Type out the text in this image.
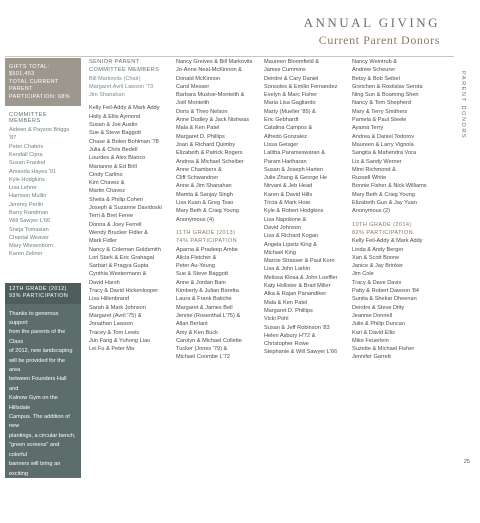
ANNUAL GIVING
Current Parent Donors
PARENT DONORS
GIFTS TOTAL: $501,453
TOTAL CURRENT PARENT
PARTICIPATION: 68%
COMMITTEE MEMBERS
Aideen & Payson Briggs '87
Peter Chabris
Kendall Cipra
Susan Frankel
Amanda Hayes '91
Kyle Hodgkins
Lisa Lehrer
Harrison Mullin
Jeremy Perlin
Barry Randman
Will Sawyer L'66
Sneja Tomasian
Chantal Weaver
Mary Wiesenborn
Karen Zeliner
12TH GRADE (2012)
93% PARTICIPATION
Thanks to generous support
from the parents of the Class
of 2012, new landscaping
will be provided for the area
between Founders Hall and
Kalnow Gym on the Hillsdale
Campus. The addition of new
plantings, a circular bench,
"green screens" and colorful
banners will bring an exciting
and fresh look and feel to this
important part of the campus.
SENIOR PARENT
COMMITTEE MEMBERS
Bill Markovits (Chair)
Margaret Avril Lawson '73
Jim Shanahan
Kelly Feil-Addy & Mark Addy
Holly & Ellis Aymond
Susan & Joe Austin
Sue & Steve Baggott
Chase & Bolen Bohlman '78
Julia & Chris Bedell
Lourdes & Alex Blanco
Marianne & Ed Brill
Cindy Carlino
Kim Chavez &
Martin Chavez
Sheila & Philip Cohen
Joseph & Suzanne Davidoski
Terri & Bret Feree
Donna & Joey Ferrell
Wendy Brucker Fidler &
Mark Fidler
Nancy & Coleman Goldsmith
Lori Stark & Eric Grahagal
Sarbari & Pragya Gupta
Cynthia Westermann &
David Harsh
Tracy & David Hickenlooper
Lisa Hillenbrand
Sarah & Mark Johnson
Margaret (Avril '75) &
Jonathan Lawson
Tracey & Tom Lewis
Jun Fang & Yuhong Liao
Lei Fu & Peter Ma
Nancy Greives & Bill Markovits
Jo-Anne Neal-McKinnon &
Donald McKinnon
Carol Messer
Barbara Mustoe-Monteith &
Joël Monteith
Doris & Theo Nelson
Anne Dudley & Jack Nishwas
Mala & Ken Patel
Margaret D. Phillips
Joan & Richard Quimby
Elizabeth & Patrick Rogers
Andrea & Michael Scheiber
Anne Chambers &
Cliff Schwandner
Anne & Jim Shanahan
Mamta & Sanjay Singh
Lisa Kuan & Greg Tsao
Mary Beth & Craig Young
Anonymous (4)
11TH GRADE (2013)
74% PARTICIPATION
Aparna & Pradeep Ambe
Alicia Fletcher &
Peter Au-Yeung
Sue & Steve Baggott
Anne & Jordan Bain
Kimberly & Julian Baretta
Laura & Frank Batiche
Margaret & James Bell
Jennie (Rosenthal L'75) &
Allan Berlant
Amy & Ken Buck
Carolyn & Michael Collette
Tucker (Jones '79) &
Michael Coombe L'72
Maureen Bloomfield &
James Cummins
Deirdre & Cary Daniel
Sonsoles & Emilio Fernandez
Evelyn & Marc Fisher
Maria Lisa Gagliardo
Marty (Mueller '85) &
Eric Gebhardt
Catalina Campos &
Alfredo Gonzalez
Lissa Geisger
Lalitha Parameswaran &
Param Hariharan
Susan & Joseph Harten
Julie Zhang & George He
Nirvani & Jeb Head
Karen & David Hills
Tricia & Mark Hoar
Kyle & Robert Hodgkins
Lisa Napolione &
David Johnson
Lisa & Richard Kogan
Angela Lipsitz King &
Michael King
Marcie Strasser & Paul Korn
Lisa & John Larkin
Melissa Klosa & John Loeffler
Katy Hollister & Brad Miller
Alka & Rajan Panandiker
Mala & Ken Patel
Margaret D. Phillips
Vicki Pohl
Susan & Jeff Robinson '83
Helen Asbury H'72 &
Christopher Rowe
Stephanie & Will Sawyer L'66
Nancy Weintrub &
Andrew Scheurer
Betsy & Bob Seibel
Gretchen & Rostislav Serota
Ning Sun & Boaming Shen
Nancy & Tom Shepherd
Mary & Terry Smithers
Pamela & Paul Steele
Ayama Terry
Andrea & Daniel Todorov
Maureen & Larry Vignola
Sangita & Mahendra Vora
Liz & Sandy Werner
Mimi Richmond &
Russell White
Bonnie Fisher & Nick Williams
Mary Beth & Craig Young
Elizabeth Guo & Jay Yuan
Anonymous (2)
10TH GRADE (2014)
82% PARTICIPATION
Kelly Feil-Addy & Mark Addy
Linda & Andy Berger
Xan & Scott Boone
Janice & Jay Brinker
Jim Cole
Tracy & Dave Davis
Patty & Robert Dawson '84
Sunita & Shekar Dheenan
Deirdre & Steve Ditty
Jeannie Donnell
Julie & Philip Duncan
Kari & David Ellis
Mike Feuerlein
Suzette & Michael Fisher
Jennifer Garrett
25
